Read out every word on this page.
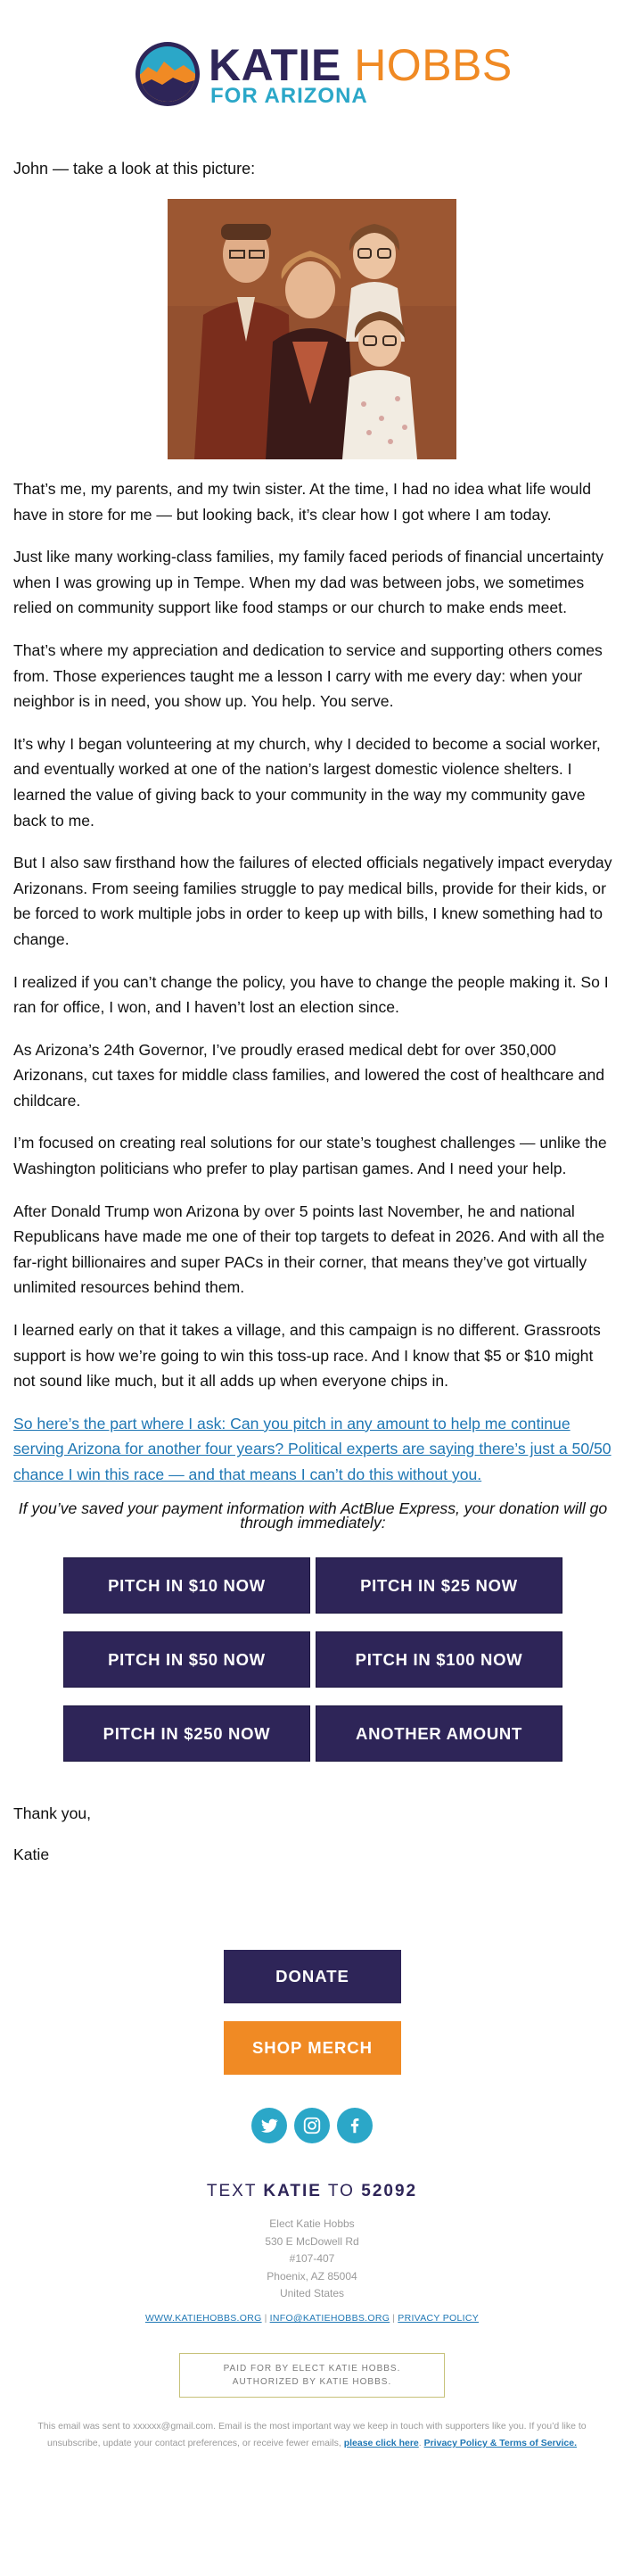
KATIE HOBBS
FOR ARIZONA
John — take a look at this picture:

That’s me, my parents, and my twin sister. At the time, I had no idea what life would have in store for me — but looking back, it’s clear how I got where I am today.

Just like many working-class families, my family faced periods of financial uncertainty when I was growing up in Tempe. When my dad was between jobs, we sometimes relied on community support like food stamps or our church to make ends meet.

That’s where my appreciation and dedication to service and supporting others comes from. Those experiences taught me a lesson I carry with me every day: when your neighbor is in need, you show up. You help. You serve.

It’s why I began volunteering at my church, why I decided to become a social worker, and eventually worked at one of the nation’s largest domestic violence shelters. I learned the value of giving back to your community in the way my community gave back to me.

But I also saw firsthand how the failures of elected officials negatively impact everyday Arizonans. From seeing families struggle to pay medical bills, provide for their kids, or be forced to work multiple jobs in order to keep up with bills, I knew something had to change.

I realized if you can’t change the policy, you have to change the people making it. So I ran for office, I won, and I haven’t lost an election since.

As Arizona’s 24th Governor, I’ve proudly erased medical debt for over 350,000 Arizonans, cut taxes for middle class families, and lowered the cost of healthcare and childcare.

I’m focused on creating real solutions for our state’s toughest challenges — unlike the Washington politicians who prefer to play partisan games. And I need your help.

After Donald Trump won Arizona by over 5 points last November, he and national Republicans have made me one of their top targets to defeat in 2026. And with all the far-right billionaires and super PACs in their corner, that means they’ve got virtually unlimited resources behind them.

I learned early on that it takes a village, and this campaign is no different. Grassroots support is how we’re going to win this toss-up race. And I know that $5 or $10 might not sound like much, but it all adds up when everyone chips in.

So here’s the part where I ask: Can you pitch in any amount to help me continue serving Arizona for another four years? Political experts are saying there’s just a 50/50 chance I win this race — and that means I can’t do this without you.

If you’ve saved your payment information with ActBlue Express, your donation will go through immediately:

PITCH IN $10 NOW	PITCH IN $25 NOW
PITCH IN $50 NOW	PITCH IN $100 NOW
PITCH IN $250 NOW	ANOTHER AMOUNT
Thank you,
Katie
DONATE
SHOP MERCH
TEXT KATIE TO 52092
Elect Katie Hobbs
530 E McDowell Rd
#107-407
Phoenix, AZ 85004
United States
WWW.KATIEHOBBS.ORG | INFO@KATIEHOBBS.ORG | PRIVACY POLICY
PAID FOR BY ELECT KATIE HOBBS.
AUTHORIZED BY KATIE HOBBS.
This email was sent to xxxxxx@gmail.com. Email is the most important way we keep in touch with supporters like you. If you’d like to unsubscribe, update your contact preferences, or receive fewer emails, please click here. Privacy Policy & Terms of Service.
